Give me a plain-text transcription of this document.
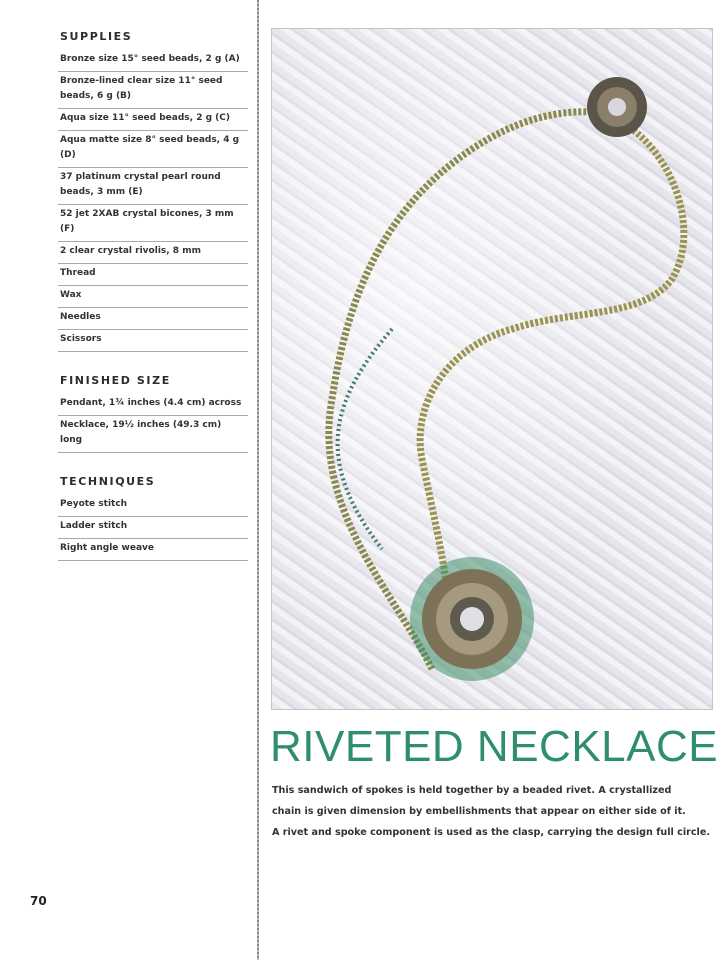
SUPPLIES
Bronze size 15° seed beads, 2 g (A)
Bronze-lined clear size 11° seed beads, 6 g (B)
Aqua size 11° seed beads, 2 g (C)
Aqua matte size 8° seed beads, 4 g (D)
37 platinum crystal pearl round beads, 3 mm (E)
52 jet 2XAB crystal bicones, 3 mm (F)
2 clear crystal rivolis, 8 mm
Thread
Wax
Needles
Scissors
FINISHED SIZE
Pendant, 1¾ inches (4.4 cm) across
Necklace, 19½ inches (49.3 cm) long
TECHNIQUES
Peyote stitch
Ladder stitch
Right angle weave
RIVETED NECKLACE

This sandwich of spokes is held together by a beaded rivet. A crystallized

chain is given dimension by embellishments that appear on either side of it.

A rivet and spoke component is used as the clasp, carrying the design full circle.

70
